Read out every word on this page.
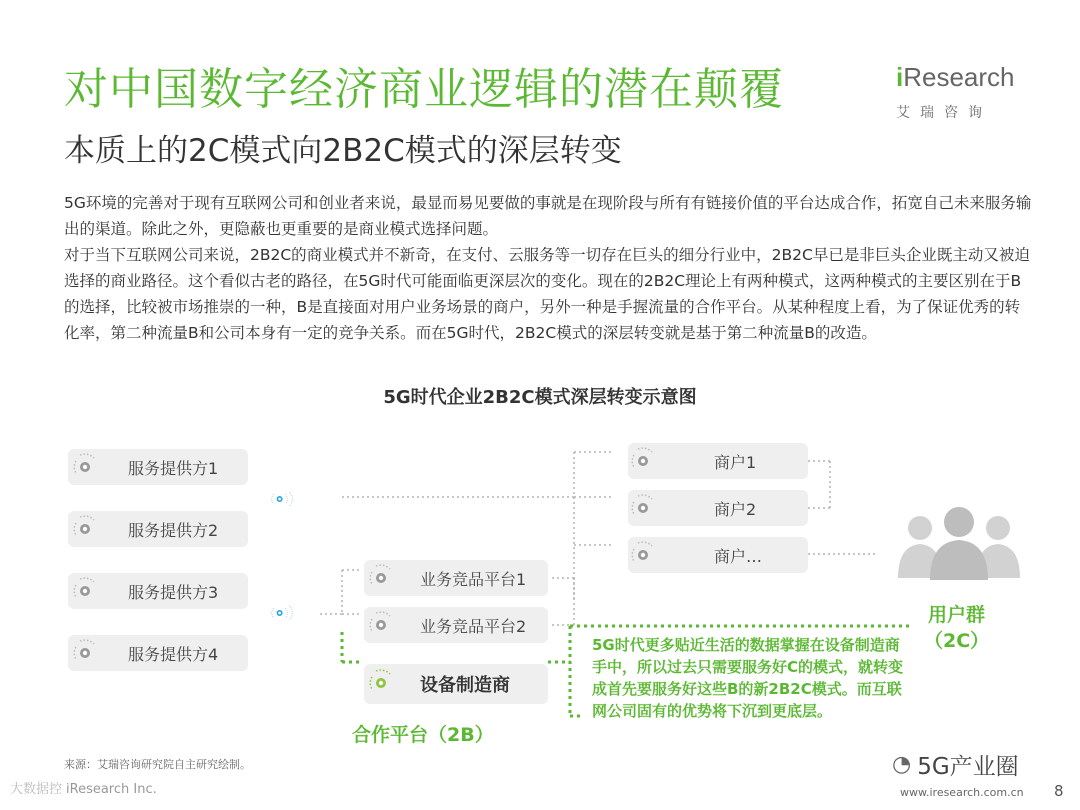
对中国数字经济商业逻辑的潜在颠覆
本质上的2C模式向2B2C模式的深层转变
iResearch
艾瑞咨询

5G环境的完善对于现有互联网公司和创业者来说，最显而易见要做的事就是在现阶段与所有有链接价值的平台达成合作，拓宽自己未来服务输出的渠道。除此之外，更隐蔽也更重要的是商业模式选择问题。

对于当下互联网公司来说，2B2C的商业模式并不新奇，在支付、云服务等一切存在巨头的细分行业中，2B2C早已是非巨头企业既主动又被迫选择的商业路径。这个看似古老的路径，在5G时代可能面临更深层次的变化。现在的2B2C理论上有两种模式，这两种模式的主要区别在于B的选择，比较被市场推崇的一种，B是直接面对用户业务场景的商户，另外一种是手握流量的合作平台。从某种程度上看，为了保证优秀的转化率，第二种流量B和公司本身有一定的竞争关系。而在5G时代，2B2C模式的深层转变就是基于第二种流量B的改造。

5G时代企业2B2C模式深层转变示意图
服务提供方1
服务提供方2
服务提供方3
服务提供方4
商户1
商户2
商户…
业务竞品平台1
业务竞品平台2
设备制造商
用户群
（2C）
合作平台（2B）
5G时代更多贴近生活的数据掌握在设备制造商手中，所以过去只需要服务好C的模式，就转变成首先要服务好这些B的新2B2C模式。而互联网公司固有的优势将下沉到更底层。
来源：艾瑞咨询研究院自主研究绘制。
大数据控 iResearch Inc.
◔ 5G产业圈
www.iresearch.com.cn 8
